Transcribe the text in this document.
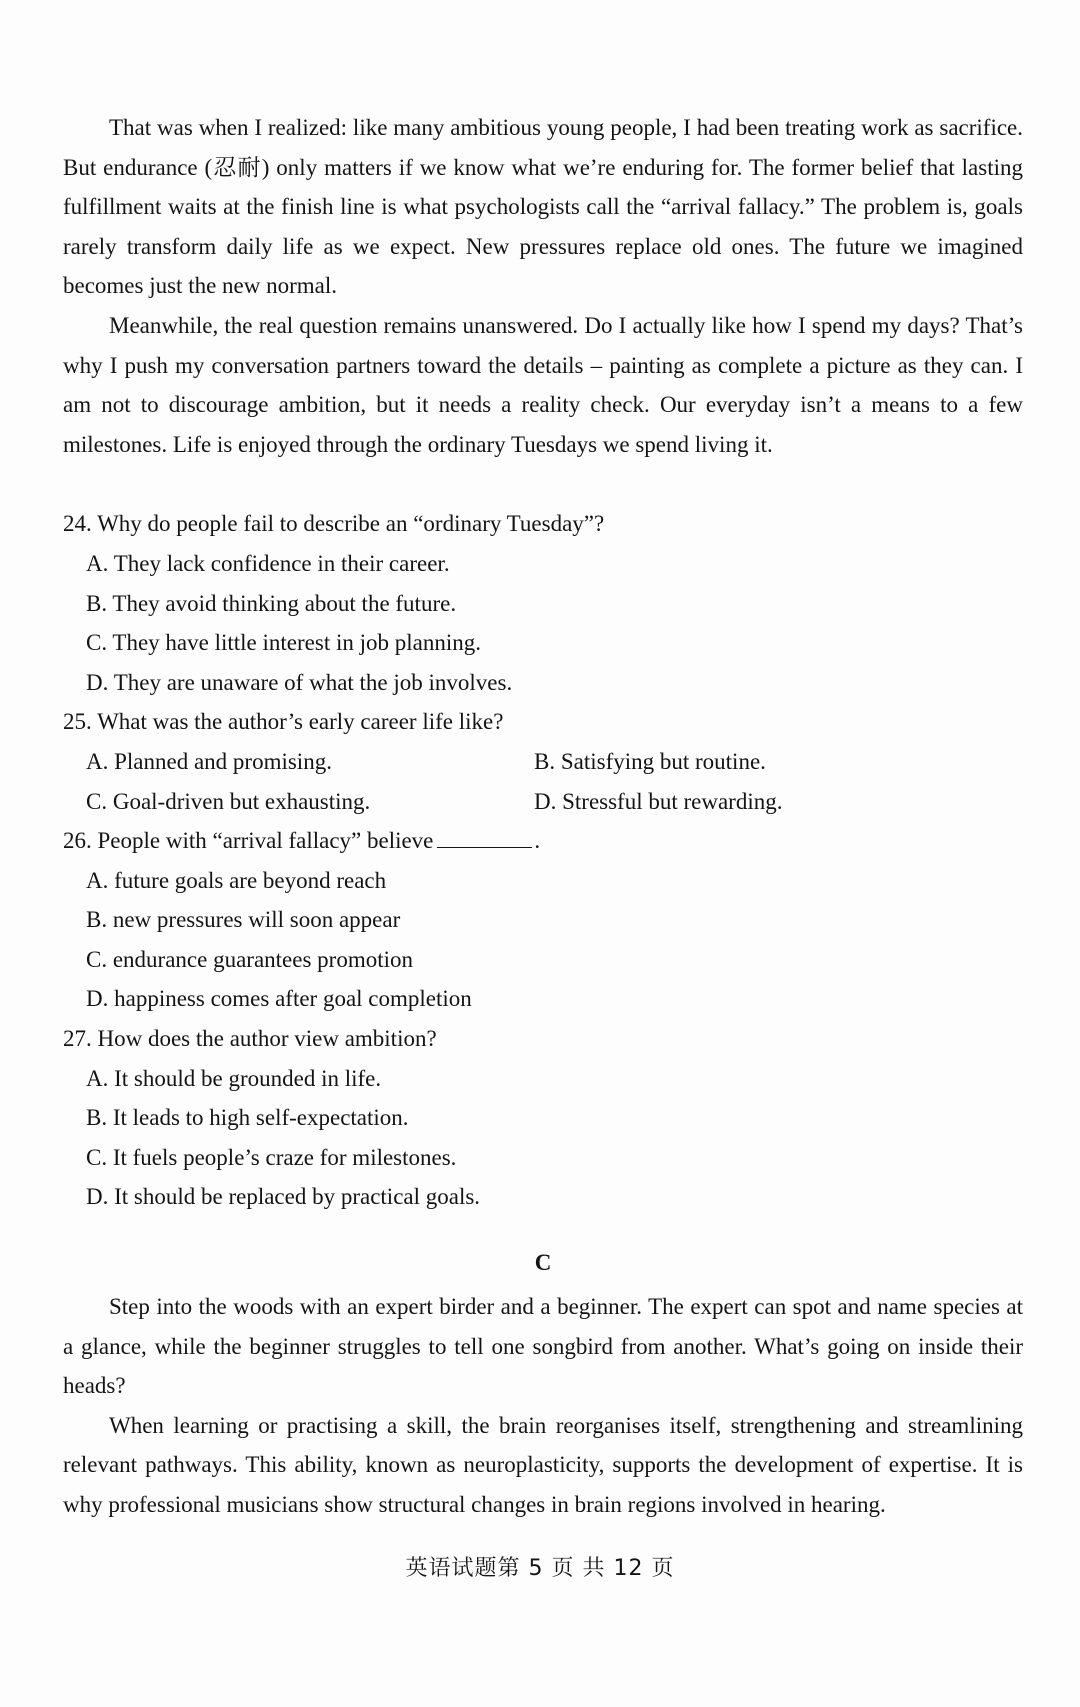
That was when I realized: like many ambitious young people, I had been treating work as sacrifice. But endurance (忍耐) only matters if we know what we’re enduring for. The former belief that lasting fulfillment waits at the finish line is what psychologists call the “arrival fallacy.” The problem is, goals rarely transform daily life as we expect. New pressures replace old ones. The future we imagined becomes just the new normal.

Meanwhile, the real question remains unanswered. Do I actually like how I spend my days? That’s why I push my conversation partners toward the details – painting as complete a picture as they can. I am not to discourage ambition, but it needs a reality check. Our everyday isn’t a means to a few milestones. Life is enjoyed through the ordinary Tuesdays we spend living it.

24. Why do people fail to describe an “ordinary Tuesday”?

A. They lack confidence in their career.

B. They avoid thinking about the future.

C. They have little interest in job planning.

D. They are unaware of what the job involves.

25. What was the author’s early career life like?

A. Planned and promising.	B. Satisfying but routine.
C. Goal-driven but exhausting.	D. Stressful but rewarding.

26. People with “arrival fallacy” believe	.

A. future goals are beyond reach

B. new pressures will soon appear

C. endurance guarantees promotion

D. happiness comes after goal completion

27. How does the author view ambition?

A. It should be grounded in life.

B. It leads to high self-expectation.

C. It fuels people’s craze for milestones.

D. It should be replaced by practical goals.

C

Step into the woods with an expert birder and a beginner. The expert can spot and name species at a glance, while the beginner struggles to tell one songbird from another. What’s going on inside their heads?

When learning or practising a skill, the brain reorganises itself, strengthening and streamlining relevant pathways. This ability, known as neuroplasticity, supports the development of expertise. It is why professional musicians show structural changes in brain regions involved in hearing.

英语试题第 5 页 共 12 页
